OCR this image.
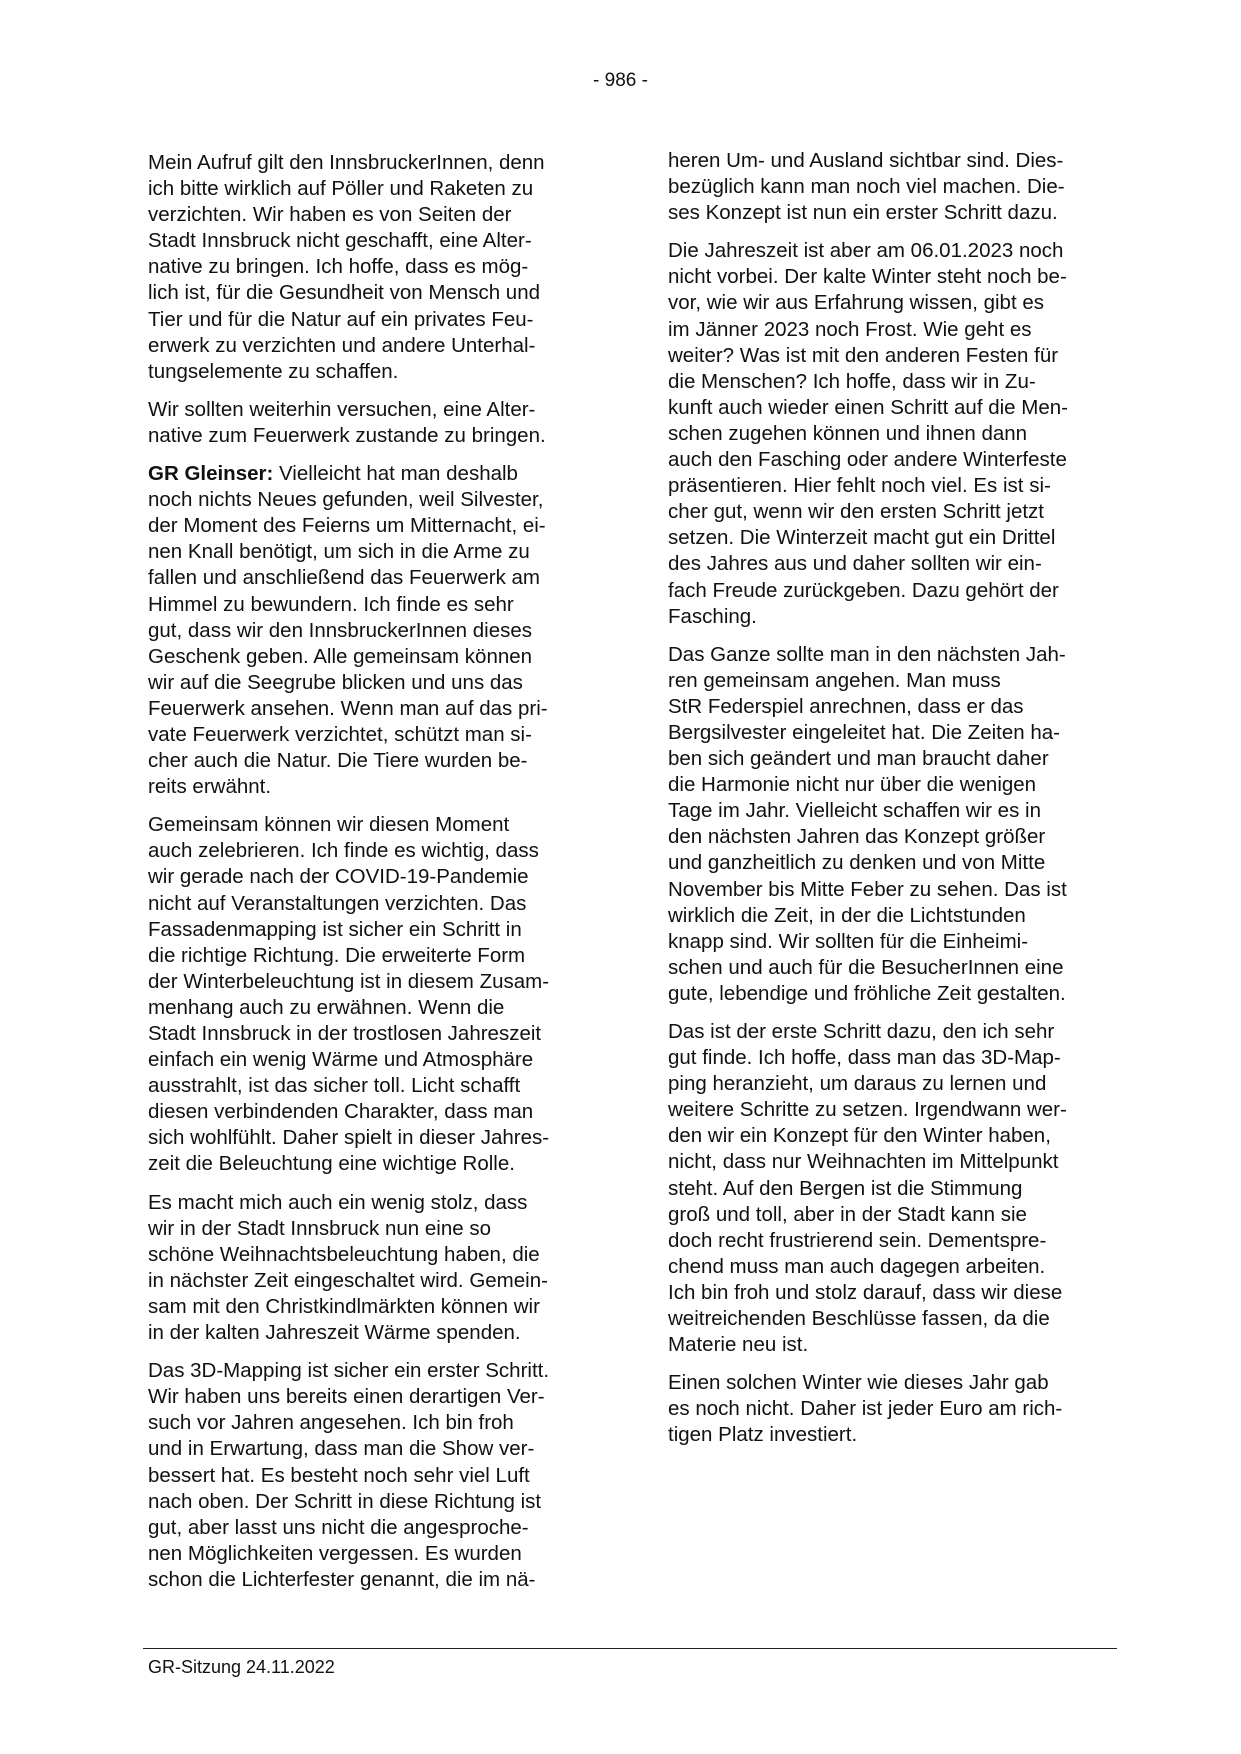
- 986 -

Mein Aufruf gilt den InnsbruckerInnen, denn
ich bitte wirklich auf Pöller und Raketen zu
verzichten. Wir haben es von Seiten der
Stadt Innsbruck nicht geschafft, eine Alter-
native zu bringen. Ich hoffe, dass es mög-
lich ist, für die Gesundheit von Mensch und
Tier und für die Natur auf ein privates Feu-
erwerk zu verzichten und andere Unterhal-
tungselemente zu schaffen.

Wir sollten weiterhin versuchen, eine Alter-
native zum Feuerwerk zustande zu bringen.

GR Gleinser: Vielleicht hat man deshalb
noch nichts Neues gefunden, weil Silvester,
der Moment des Feierns um Mitternacht, ei-
nen Knall benötigt, um sich in die Arme zu
fallen und anschließend das Feuerwerk am
Himmel zu bewundern. Ich finde es sehr
gut, dass wir den InnsbruckerInnen dieses
Geschenk geben. Alle gemeinsam können
wir auf die Seegrube blicken und uns das
Feuerwerk ansehen. Wenn man auf das pri-
vate Feuerwerk verzichtet, schützt man si-
cher auch die Natur. Die Tiere wurden be-
reits erwähnt.

Gemeinsam können wir diesen Moment
auch zelebrieren. Ich finde es wichtig, dass
wir gerade nach der COVID-19-Pandemie
nicht auf Veranstaltungen verzichten. Das
Fassadenmapping ist sicher ein Schritt in
die richtige Richtung. Die erweiterte Form
der Winterbeleuchtung ist in diesem Zusam-
menhang auch zu erwähnen. Wenn die
Stadt Innsbruck in der trostlosen Jahreszeit
einfach ein wenig Wärme und Atmosphäre
ausstrahlt, ist das sicher toll. Licht schafft
diesen verbindenden Charakter, dass man
sich wohlfühlt. Daher spielt in dieser Jahres-
zeit die Beleuchtung eine wichtige Rolle.

Es macht mich auch ein wenig stolz, dass
wir in der Stadt Innsbruck nun eine so
schöne Weihnachtsbeleuchtung haben, die
in nächster Zeit eingeschaltet wird. Gemein-
sam mit den Christkindlmärkten können wir
in der kalten Jahreszeit Wärme spenden.

Das 3D-Mapping ist sicher ein erster Schritt.
Wir haben uns bereits einen derartigen Ver-
such vor Jahren angesehen. Ich bin froh
und in Erwartung, dass man die Show ver-
bessert hat. Es besteht noch sehr viel Luft
nach oben. Der Schritt in diese Richtung ist
gut, aber lasst uns nicht die angesproche-
nen Möglichkeiten vergessen. Es wurden
schon die Lichterfester genannt, die im nä-

heren Um- und Ausland sichtbar sind. Dies-
bezüglich kann man noch viel machen. Die-
ses Konzept ist nun ein erster Schritt dazu.

Die Jahreszeit ist aber am 06.01.2023 noch
nicht vorbei. Der kalte Winter steht noch be-
vor, wie wir aus Erfahrung wissen, gibt es
im Jänner 2023 noch Frost. Wie geht es
weiter? Was ist mit den anderen Festen für
die Menschen? Ich hoffe, dass wir in Zu-
kunft auch wieder einen Schritt auf die Men-
schen zugehen können und ihnen dann
auch den Fasching oder andere Winterfeste
präsentieren. Hier fehlt noch viel. Es ist si-
cher gut, wenn wir den ersten Schritt jetzt
setzen. Die Winterzeit macht gut ein Drittel
des Jahres aus und daher sollten wir ein-
fach Freude zurückgeben. Dazu gehört der
Fasching.

Das Ganze sollte man in den nächsten Jah-
ren gemeinsam angehen. Man muss
StR Federspiel anrechnen, dass er das
Bergsilvester eingeleitet hat. Die Zeiten ha-
ben sich geändert und man braucht daher
die Harmonie nicht nur über die wenigen
Tage im Jahr. Vielleicht schaffen wir es in
den nächsten Jahren das Konzept größer
und ganzheitlich zu denken und von Mitte
November bis Mitte Feber zu sehen. Das ist
wirklich die Zeit, in der die Lichtstunden
knapp sind. Wir sollten für die Einheimi-
schen und auch für die BesucherInnen eine
gute, lebendige und fröhliche Zeit gestalten.

Das ist der erste Schritt dazu, den ich sehr
gut finde. Ich hoffe, dass man das 3D-Map-
ping heranzieht, um daraus zu lernen und
weitere Schritte zu setzen. Irgendwann wer-
den wir ein Konzept für den Winter haben,
nicht, dass nur Weihnachten im Mittelpunkt
steht. Auf den Bergen ist die Stimmung
groß und toll, aber in der Stadt kann sie
doch recht frustrierend sein. Dementspre-
chend muss man auch dagegen arbeiten.
Ich bin froh und stolz darauf, dass wir diese
weitreichenden Beschlüsse fassen, da die
Materie neu ist.

Einen solchen Winter wie dieses Jahr gab
es noch nicht. Daher ist jeder Euro am rich-
tigen Platz investiert.

GR-Sitzung 24.11.2022
